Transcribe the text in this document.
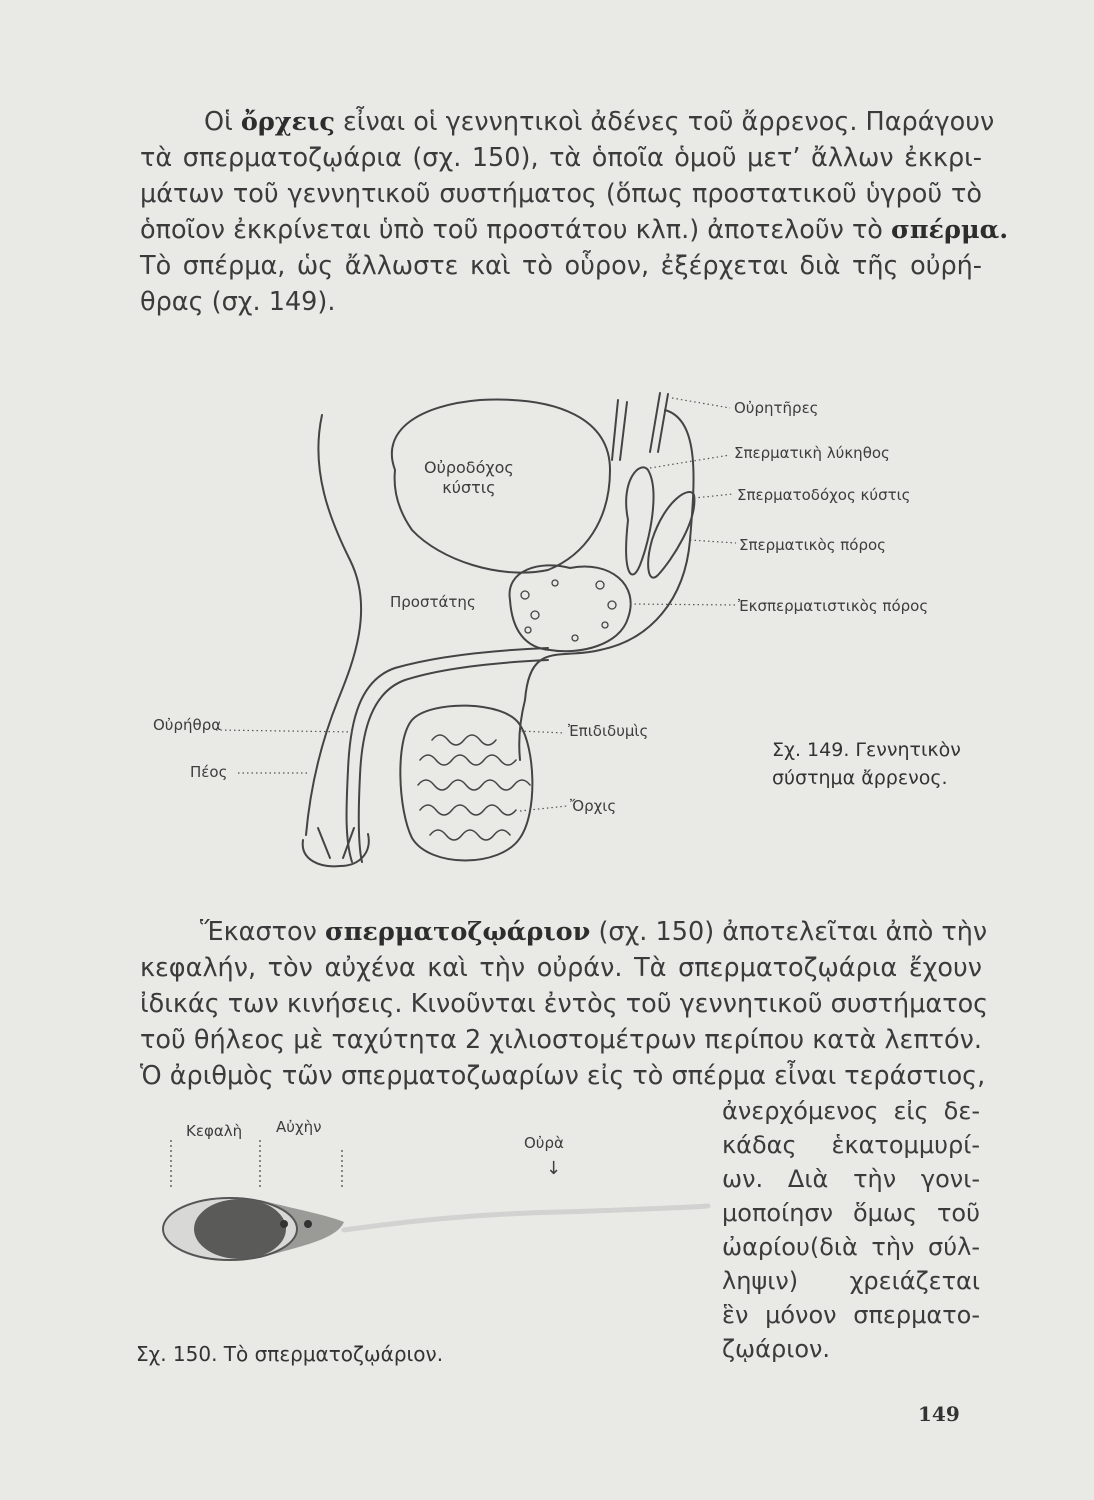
Οἱ ὄρχεις εἶναι οἱ γεννητικοὶ ἀδένες τοῦ ἄρρενος. Παράγουν
τὰ σπερματοζῳάρια (σχ. 150), τὰ ὁποῖα ὁμοῦ μετ’ ἄλλων ἐκκρι-
μάτων τοῦ γεννητικοῦ συστήματος (ὅπως προστατικοῦ ὑγροῦ τὸ
ὁποῖον ἐκκρίνεται ὑπὸ τοῦ προστάτου κλπ.) ἀποτελοῦν τὸ σπέρμα.
Τὸ σπέρμα, ὡς ἄλλωστε καὶ τὸ οὗρον, ἐξέρχεται διὰ τῆς οὐρή-
θρας (σχ. 149).
Οὐροδόχος
κύστις
Προστάτης
Οὐρητῆρες
Σπερματικὴ λύκηθος
Σπερματοδόχος κύστις
Σπερματικὸς πόρος
Ἐκσπερματιστικὸς πόρος
Οὐρήθρα
Πέος
Ἐπιδιδυμὶς
Ὄρχις
Σχ. 149. Γεννητικὸν
σύστημα ἄρρενος.
Ἕκαστον σπερματοζῳάριον (σχ. 150) ἀποτελεῖται ἀπὸ τὴν
κεφαλήν, τὸν αὐχένα καὶ τὴν οὐράν. Τὰ σπερματοζῳάρια ἔχουν
ἰδικάς των κινήσεις. Κινοῦνται ἐντὸς τοῦ γεννητικοῦ συστήματος
τοῦ θήλεος μὲ ταχύτητα 2 χιλιοστομέτρων περίπου κατὰ λεπτόν.
Ὁ ἀριθμὸς τῶν σπερματοζωαρίων εἰς τὸ σπέρμα εἶναι τεράστιος,
ἀνερχόμενος εἰς δε-
κάδας ἑκατομμυρί-
ων. Διὰ τὴν γονι-
μοποίησν ὅμως τοῦ
ὠαρίου(διὰ τὴν σύλ-
ληψιν) χρειάζεται
ἓν μόνον σπερματο-
ζῳάριον.
Κεφαλὴ Αὐχὴν
Οὐρὰ
↓
Σχ. 150. Τὸ σπερματοζῳάριον.
149
